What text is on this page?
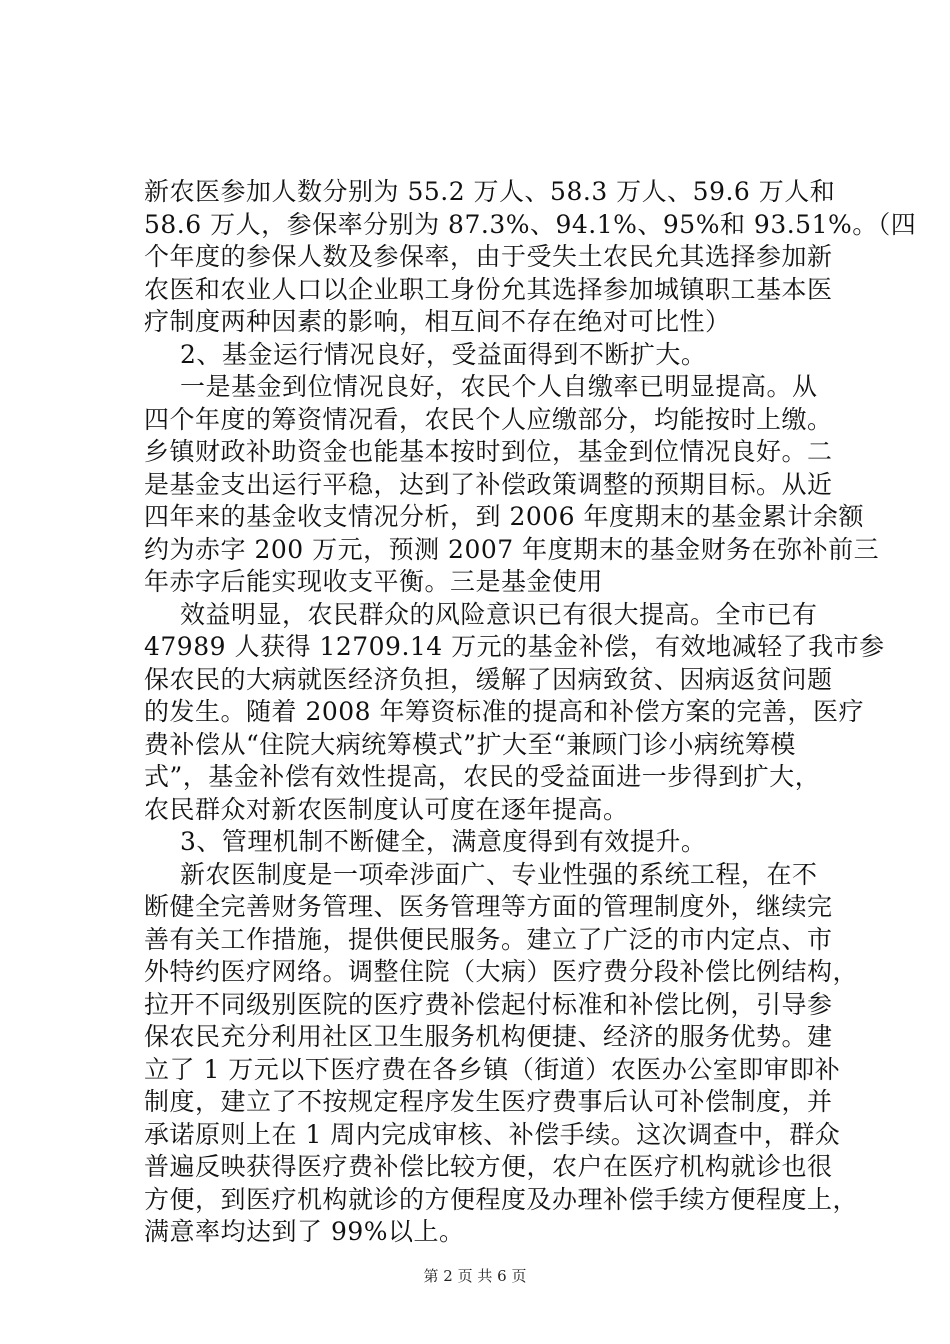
新农医参加人数分别为 55.2 万人、58.3 万人、59.6 万人和
58.6 万人，参保率分别为 87.3%、94.1%、95%和 93.51%。（四
个年度的参保人数及参保率，由于受失土农民允其选择参加新
农医和农业人口以企业职工身份允其选择参加城镇职工基本医
疗制度两种因素的影响，相互间不存在绝对可比性）
2、基金运行情况良好，受益面得到不断扩大。
一是基金到位情况良好，农民个人自缴率已明显提高。从
四个年度的筹资情况看，农民个人应缴部分，均能按时上缴。
乡镇财政补助资金也能基本按时到位，基金到位情况良好。二
是基金支出运行平稳，达到了补偿政策调整的预期目标。从近
四年来的基金收支情况分析，到 2006 年度期末的基金累计余额
约为赤字 200 万元，预测 2007 年度期末的基金财务在弥补前三
年赤字后能实现收支平衡。三是基金使用
效益明显，农民群众的风险意识已有很大提高。全市已有
47989 人获得 12709.14 万元的基金补偿，有效地减轻了我市参
保农民的大病就医经济负担，缓解了因病致贫、因病返贫问题
的发生。随着 2008 年筹资标准的提高和补偿方案的完善，医疗
费补偿从“住院大病统筹模式”扩大至“兼顾门诊小病统筹模
式”，基金补偿有效性提高，农民的受益面进一步得到扩大，
农民群众对新农医制度认可度在逐年提高。
3、管理机制不断健全，满意度得到有效提升。
新农医制度是一项牵涉面广、专业性强的系统工程，在不
断健全完善财务管理、医务管理等方面的管理制度外，继续完
善有关工作措施，提供便民服务。建立了广泛的市内定点、市
外特约医疗网络。调整住院（大病）医疗费分段补偿比例结构，
拉开不同级别医院的医疗费补偿起付标准和补偿比例，引导参
保农民充分利用社区卫生服务机构便捷、经济的服务优势。建
立了 1 万元以下医疗费在各乡镇（街道）农医办公室即审即补
制度，建立了不按规定程序发生医疗费事后认可补偿制度，并
承诺原则上在 1 周内完成审核、补偿手续。这次调查中，群众
普遍反映获得医疗费补偿比较方便，农户在医疗机构就诊也很
方便，到医疗机构就诊的方便程度及办理补偿手续方便程度上，
满意率均达到了 99%以上。
第 2 页 共 6 页
